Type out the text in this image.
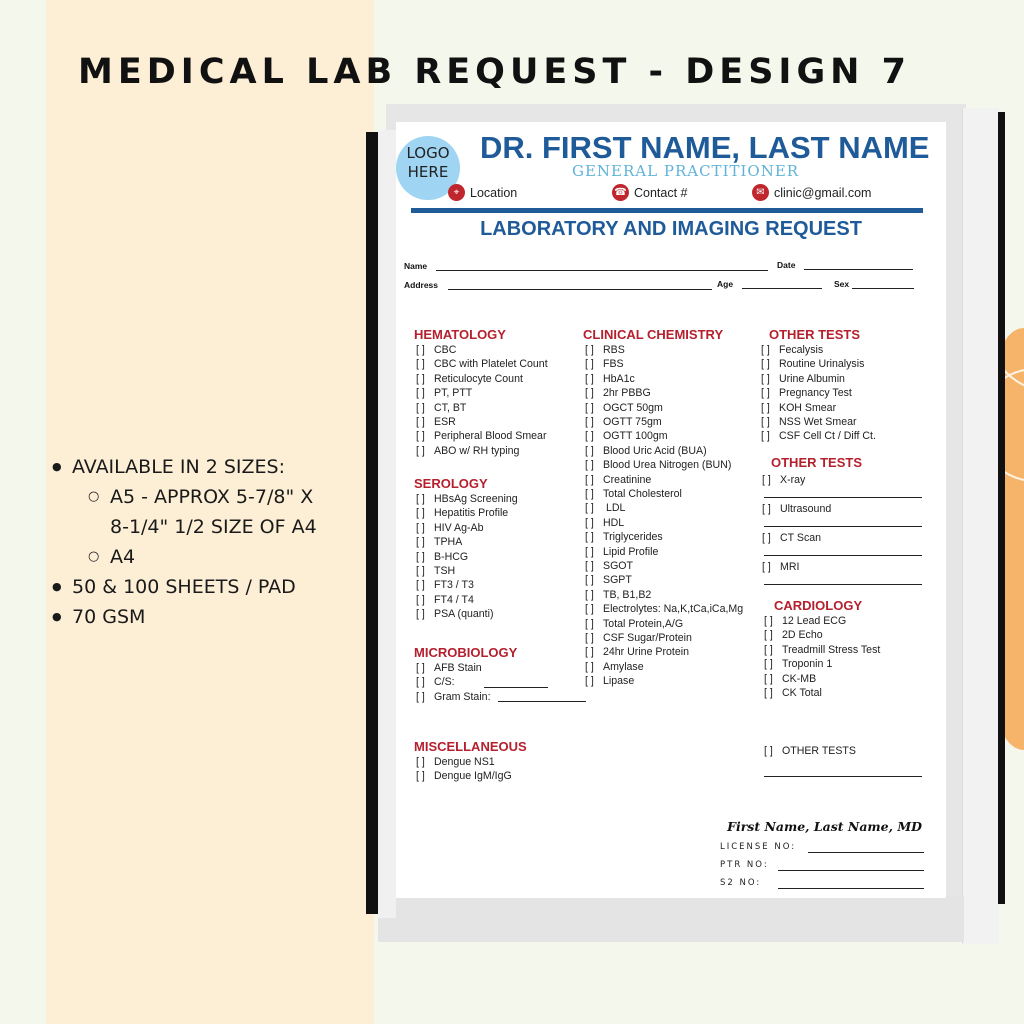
MEDICAL LAB REQUEST - DESIGN 7
● AVAILABLE IN 2 SIZES:
○ A5 - APPROX 5-7/8" X
8-1/4" 1/2 SIZE OF A4
○ A4
● 50 & 100 SHEETS / PAD
● 70 GSM
LOGO HERE
DR. FIRST NAME, LAST NAME
GENERAL PRACTITIONER
⌖ Location	☎ Contact #	✉ clinic@gmail.com
LABORATORY AND IMAGING REQUEST
Name	Date
Address	Age	Sex
HEMATOLOGY
[ ] CBC
[ ] CBC with Platelet Count
[ ] Reticulocyte Count
[ ] PT, PTT
[ ] CT, BT
[ ] ESR
[ ] Peripheral Blood Smear
[ ] ABO w/ RH typing
SEROLOGY
[ ] HBsAg Screening
[ ] Hepatitis Profile
[ ] HIV Ag-Ab
[ ] TPHA
[ ] B-HCG
[ ] TSH
[ ] FT3 / T3
[ ] FT4 / T4
[ ] PSA (quanti)
MICROBIOLOGY
[ ] AFB Stain
[ ] C/S:
[ ] Gram Stain:
MISCELLANEOUS
[ ] Dengue NS1
[ ] Dengue IgM/IgG
CLINICAL CHEMISTRY
[ ] RBS
[ ] FBS
[ ] HbA1c
[ ] 2hr PBBG
[ ] OGCT 50gm
[ ] OGTT 75gm
[ ] OGTT 100gm
[ ] Blood Uric Acid (BUA)
[ ] Blood Urea Nitrogen (BUN)
[ ] Creatinine
[ ] Total Cholesterol
[ ] LDL
[ ] HDL
[ ] Triglycerides
[ ] Lipid Profile
[ ] SGOT
[ ] SGPT
[ ] TB, B1,B2
[ ] Electrolytes: Na,K,tCa,iCa,Mg
[ ] Total Protein,A/G
[ ] CSF Sugar/Protein
[ ] 24hr Urine Protein
[ ] Amylase
[ ] Lipase
OTHER TESTS
[ ] Fecalysis
[ ] Routine Urinalysis
[ ] Urine Albumin
[ ] Pregnancy Test
[ ] KOH Smear
[ ] NSS Wet Smear
[ ] CSF Cell Ct / Diff Ct.
OTHER TESTS
[ ] X-ray
[ ] Ultrasound
[ ] CT Scan
[ ] MRI
CARDIOLOGY
[ ] 12 Lead ECG
[ ] 2D Echo
[ ] Treadmill Stress Test
[ ] Troponin 1
[ ] CK-MB
[ ] CK Total
[ ] OTHER TESTS
First Name, Last Name, MD
LICENSE NO:
PTR NO:
S2 NO:
